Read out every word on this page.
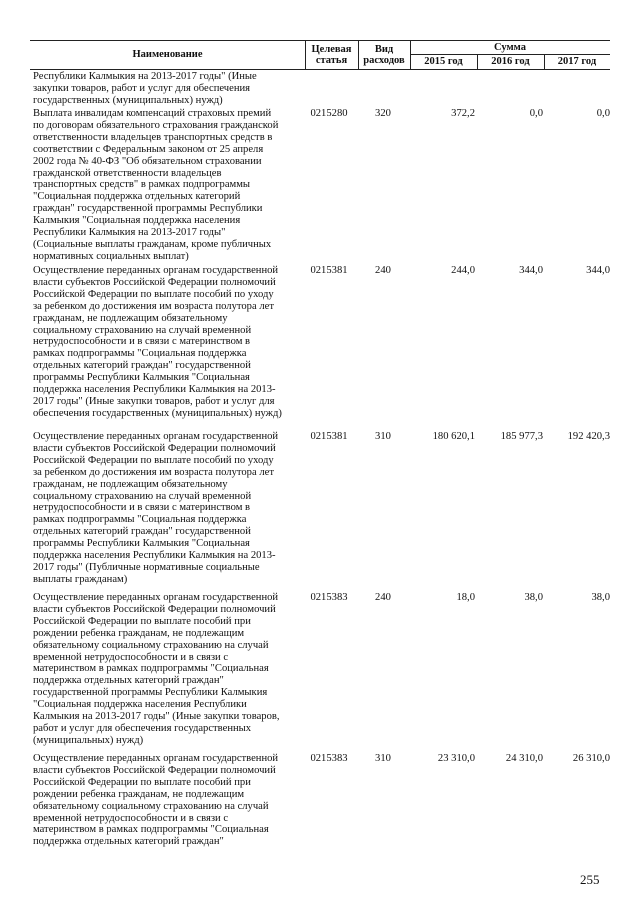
Наименование	Целевая
статья
Вид
расходов
Сумма
2015 год	2016 год	2017 год
Республики Калмыкия на 2013-2017 годы" (Иные
закупки товаров, работ и услуг для обеспечения
государственных (муниципальных) нужд)
Выплата инвалидам компенсаций страховых премий
по договорам обязательного страхования гражданской
ответственности владельцев транспортных средств в
соответствии с Федеральным законом от 25 апреля
2002 года № 40-ФЗ "Об обязательном страховании
гражданской ответственности владельцев
транспортных средств" в рамках подпрограммы
"Социальная поддержка отдельных категорий
граждан" государственной программы Республики
Калмыкия "Социальная поддержка населения
Республики Калмыкия на 2013-2017 годы"
(Социальные выплаты гражданам, кроме публичных
нормативных социальных выплат)
0215280	320	372,2	0,0	0,0
Осуществление переданных органам государственной
власти субъектов Российской Федерации полномочий
Российской Федерации по выплате пособий по уходу
за ребенком до достижения им возраста полутора лет
гражданам, не подлежащим обязательному
социальному страхованию на случай временной
нетрудоспособности и в связи с материнством в
рамках подпрограммы "Социальная поддержка
отдельных категорий граждан" государственной
программы Республики Калмыкия "Социальная
поддержка населения Республики Калмыкия на 2013-
2017 годы" (Иные закупки товаров, работ и услуг для
обеспечения государственных (муниципальных) нужд)
0215381	240	244,0	344,0	344,0
Осуществление переданных органам государственной
власти субъектов Российской Федерации полномочий
Российской Федерации по выплате пособий по уходу
за ребенком до достижения им возраста полутора лет
гражданам, не подлежащим обязательному
социальному страхованию на случай временной
нетрудоспособности и в связи с материнством в
рамках подпрограммы "Социальная поддержка
отдельных категорий граждан" государственной
программы Республики Калмыкия "Социальная
поддержка населения Республики Калмыкия на 2013-
2017 годы" (Публичные нормативные социальные
выплаты гражданам)
0215381	310	180 620,1	185 977,3	192 420,3
Осуществление переданных органам государственной
власти субъектов Российской Федерации полномочий
Российской Федерации по выплате пособий при
рождении ребенка гражданам, не подлежащим
обязательному социальному страхованию на случай
временной нетрудоспособности и в связи с
материнством в рамках подпрограммы "Социальная
поддержка отдельных категорий граждан"
государственной программы Республики Калмыкия
"Социальная поддержка населения Республики
Калмыкия на 2013-2017 годы" (Иные закупки товаров,
работ и услуг для обеспечения государственных
(муниципальных) нужд)
0215383	240	18,0	38,0	38,0
Осуществление переданных органам государственной
власти субъектов Российской Федерации полномочий
Российской Федерации по выплате пособий при
рождении ребенка гражданам, не подлежащим
обязательному социальному страхованию на случай
временной нетрудоспособности и в связи с
материнством в рамках подпрограммы "Социальная
поддержка отдельных категорий граждан"
0215383	310	23 310,0	24 310,0	26 310,0
255
